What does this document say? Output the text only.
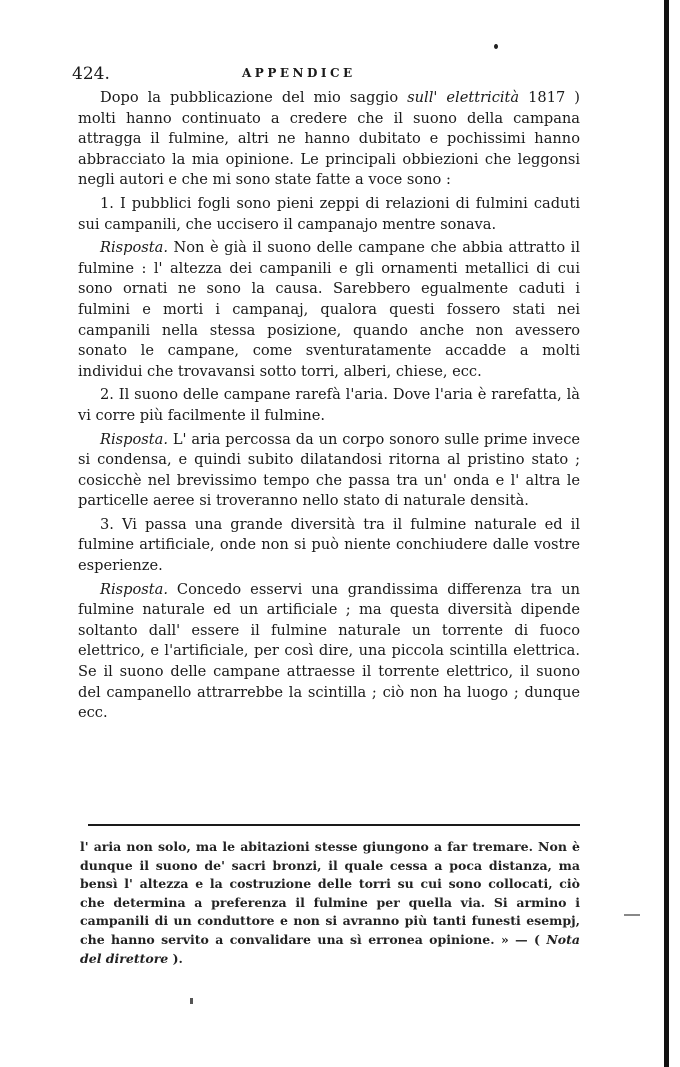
424.	APPENDICE

Dopo la pubblicazione del mio saggio sull' elettricità 1817 ) molti hanno continuato a credere che il suono della campana attragga il fulmine, altri ne hanno dubitato e pochissimi hanno abbracciato la mia opinione. Le principali obbiezioni che leggonsi negli autori e che mi sono state fatte a voce sono :

1. I pubblici fogli sono pieni zeppi di relazioni di fulmini caduti sui campanili, che uccisero il campanajo mentre sonava.

Risposta. Non è già il suono delle campane che abbia attratto il fulmine : l' altezza dei campanili e gli ornamenti metallici di cui sono ornati ne sono la causa. Sarebbero egualmente caduti i fulmini e morti i campanaj, qualora questi fossero stati nei campanili nella stessa posizione, quando anche non avessero sonato le campane, come sventuratamente accadde a molti individui che trovavansi sotto torri, alberi, chiese, ecc.

2. Il suono delle campane rarefà l'aria. Dove l'aria è rarefatta, là vi corre più facilmente il fulmine.

Risposta. L' aria percossa da un corpo sonoro sulle prime invece si condensa, e quindi subito dilatandosi ritorna al pristino stato ; cosicchè nel brevissimo tempo che passa tra un' onda e l' altra le particelle aeree si troveranno nello stato di naturale densità.

3. Vi passa una grande diversità tra il fulmine naturale ed il fulmine artificiale, onde non si può niente conchiudere dalle vostre esperienze.

Risposta. Concedo esservi una grandissima differenza tra un fulmine naturale ed un artificiale ; ma questa diversità dipende soltanto dall' essere il fulmine naturale un torrente di fuoco elettrico, e l'artificiale, per così dire, una piccola scintilla elettrica. Se il suono delle campane attraesse il torrente elettrico, il suono del campanello attrarrebbe la scintilla ; ciò non ha luogo ; dunque ecc.

l' aria non solo, ma le abitazioni stesse giungono a far tremare. Non è dunque il suono de' sacri bronzi, il quale cessa a poca distanza, ma bensì l' altezza e la costruzione delle torri su cui sono collocati, ciò che determina a preferenza il fulmine per quella via. Si armino i campanili di un conduttore e non si avranno più tanti funesti esempj, che hanno servito a convalidare una sì erronea opinione. » — ( Nota del direttore ).
